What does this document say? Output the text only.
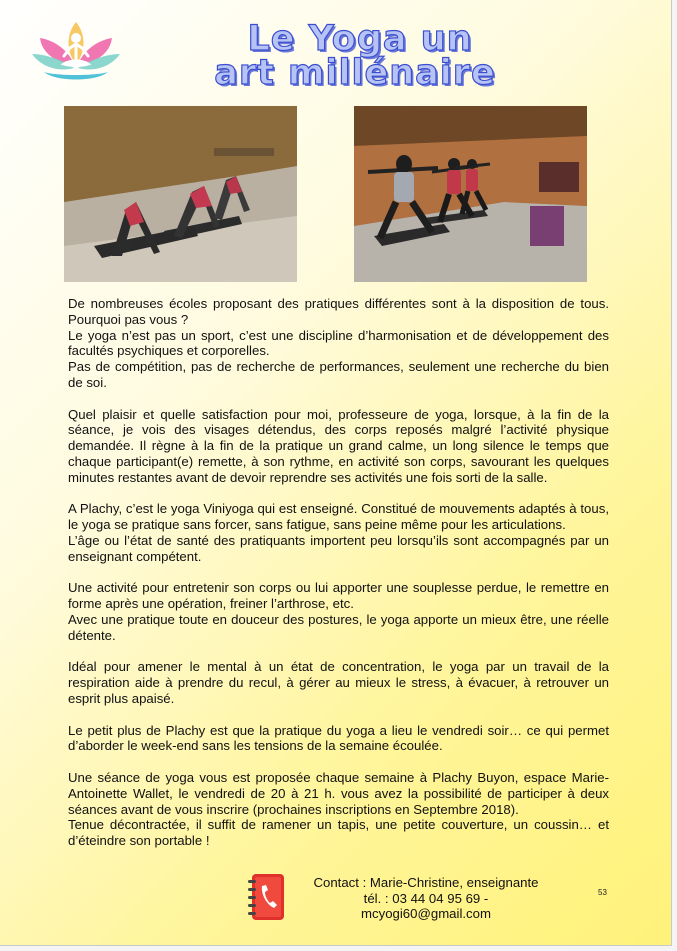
Le Yoga un
art millénaire

De nombreuses écoles proposant des pratiques différentes sont à la disposition de tous. Pourquoi pas vous ?
Le yoga n’est pas un sport, c’est une discipline d’harmonisation et de développement des facultés psychiques et corporelles.
Pas de compétition, pas de recherche de performances, seulement une recherche du bien de soi.

Quel plaisir et quelle satisfaction pour moi, professeure de yoga, lorsque, à la fin de la séance, je vois des visages détendus, des corps reposés malgré l’activité physique demandée. Il règne à la fin de la pratique un grand calme, un long silence le temps que chaque participant(e) remette, à son rythme, en activité son corps, savourant les quelques minutes restantes avant de devoir reprendre ses activités une fois sorti de la salle.

A Plachy, c’est le yoga Viniyoga qui est enseigné. Constitué de mouvements adaptés à tous, le yoga se pratique sans forcer, sans fatigue, sans peine même pour les articulations.
L’âge ou l’état de santé des pratiquants importent peu lorsqu’ils sont accompagnés par un enseignant compétent.

Une activité pour entretenir son corps ou lui apporter une souplesse perdue, le remettre en forme après une opération, freiner l’arthrose, etc.
Avec une pratique toute en douceur des postures, le yoga apporte un mieux être, une réelle détente.

Idéal pour amener le mental à un état de concentration, le yoga par un travail de la respiration aide à prendre du recul, à gérer au mieux le stress, à évacuer, à retrouver un esprit plus apaisé.

Le petit plus de Plachy est que la pratique du yoga a lieu le vendredi soir… ce qui permet d’aborder le week-end sans les tensions de la semaine écoulée.

Une séance de yoga vous est proposée chaque semaine à Plachy Buyon, espace Marie-Antoinette Wallet, le vendredi de 20 à 21 h. vous avez la possibilité de participer à deux séances avant de vous inscrire (prochaines inscriptions en Septembre 2018).
Tenue décontractée, il suffit de ramener un tapis, une petite couverture, un coussin… et d’éteindre son portable !

Contact : Marie-Christine, enseignante
tél. : 03 44 04 95 69 -
mcyogi60@gmail.com
53
